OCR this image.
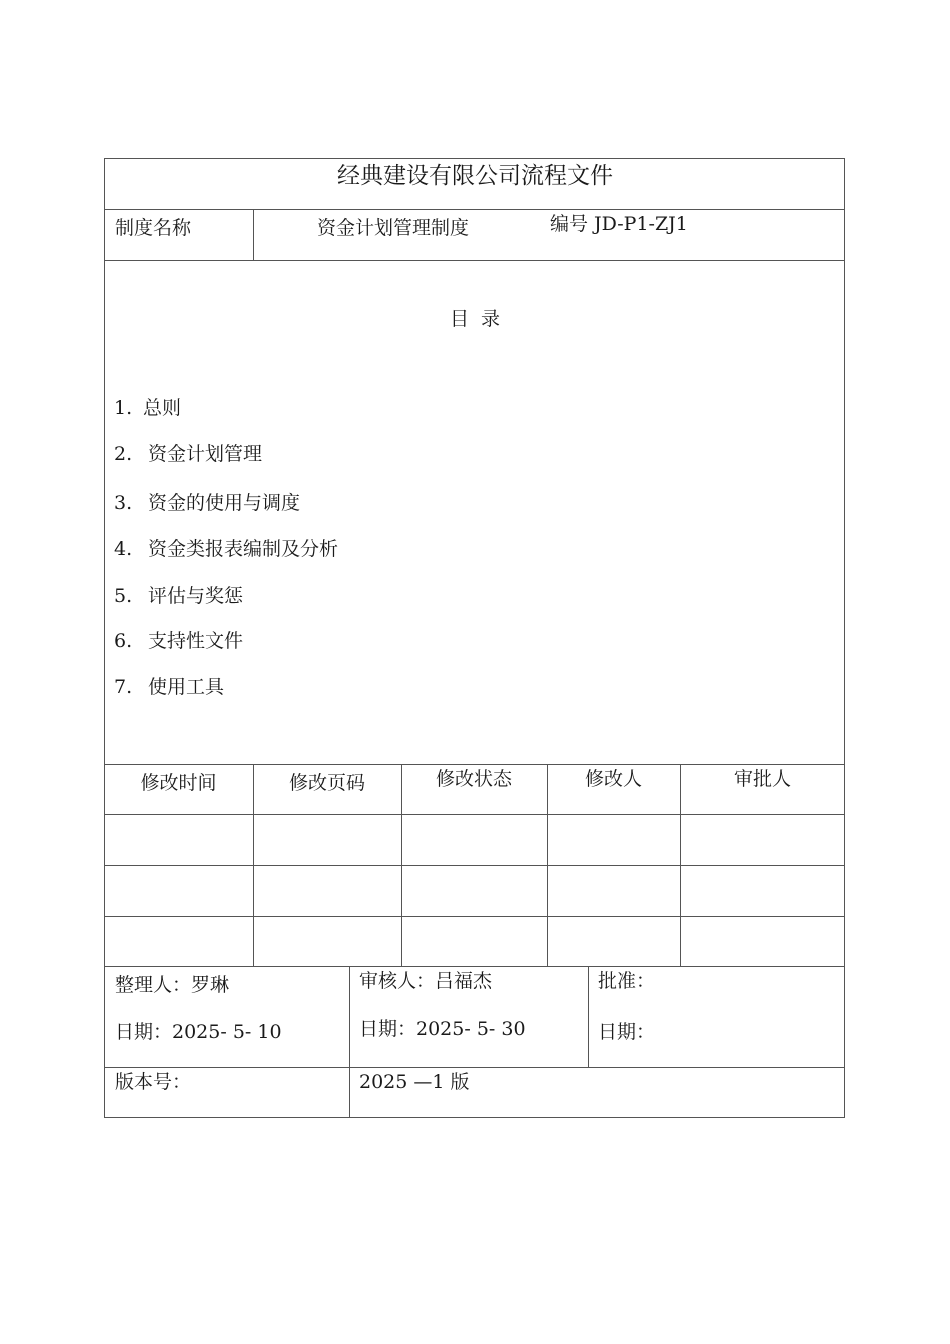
经典建设有限公司流程文件
制度名称	资金计划管理制度	编号 JD-P1-ZJ1
目  录
1. 总则
2. 资金计划管理
3. 资金的使用与调度
4. 资金类报表编制及分析
5. 评估与奖惩
6. 支持性文件
7. 使用工具
修改时间	修改页码	修改状态	修改人	审批人
整理人：罗琳
日期：2025- 5- 10
审核人：吕福杰
日期：2025- 5- 30
批准：
日期：
版本号：	2025 —1 版
